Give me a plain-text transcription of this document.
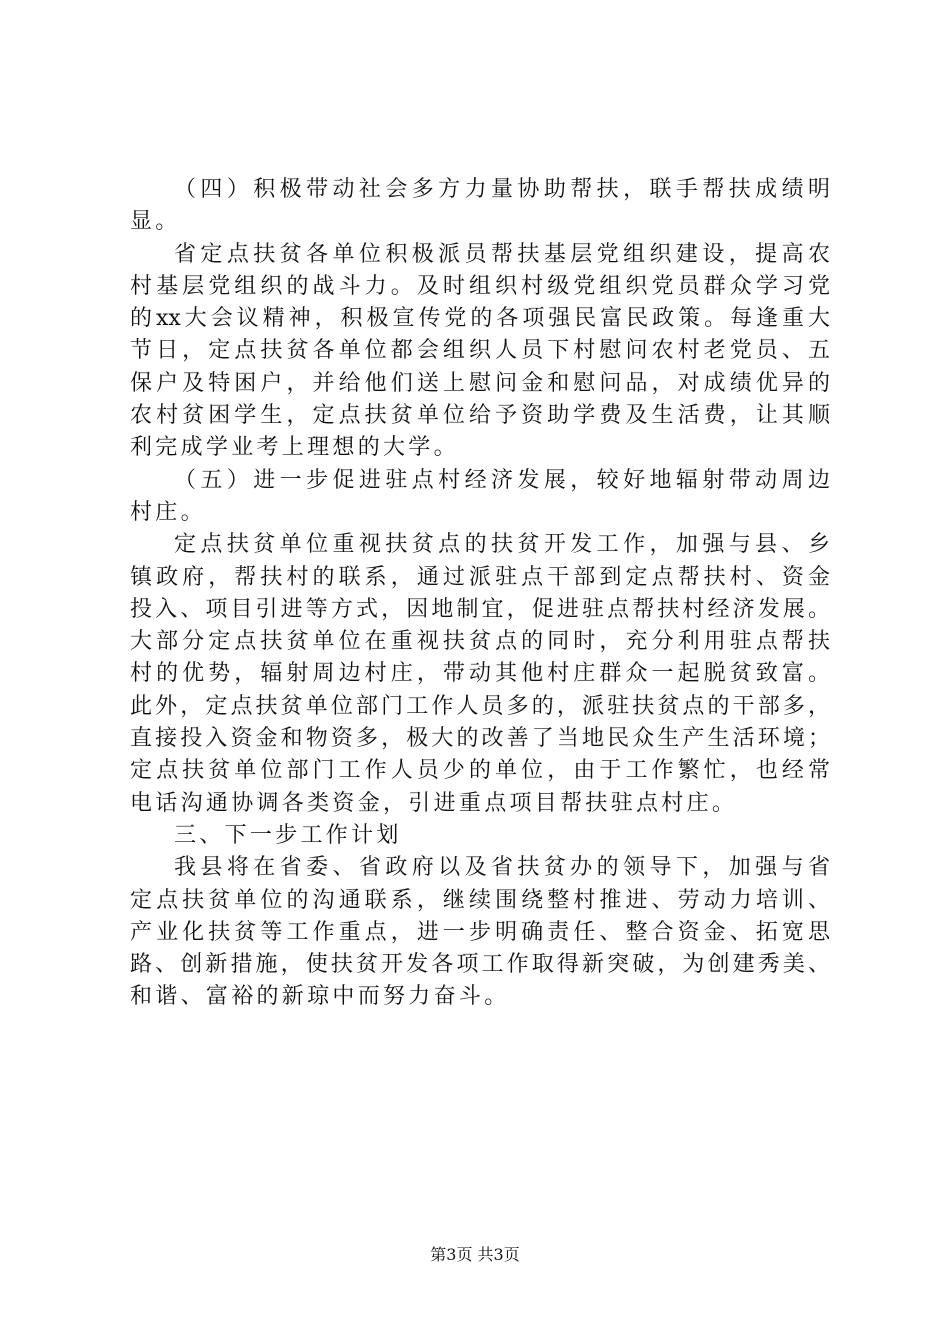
（四）积极带动社会多方力量协助帮扶，联手帮扶成绩明
显。
省定点扶贫各单位积极派员帮扶基层党组织建设，提高农
村基层党组织的战斗力。及时组织村级党组织党员群众学习党
的xx大会议精神，积极宣传党的各项强民富民政策。每逢重大
节日，定点扶贫各单位都会组织人员下村慰问农村老党员、五
保户及特困户，并给他们送上慰问金和慰问品，对成绩优异的
农村贫困学生，定点扶贫单位给予资助学费及生活费，让其顺
利完成学业考上理想的大学。
（五）进一步促进驻点村经济发展，较好地辐射带动周边
村庄。
定点扶贫单位重视扶贫点的扶贫开发工作，加强与县、乡
镇政府，帮扶村的联系，通过派驻点干部到定点帮扶村、资金
投入、项目引进等方式，因地制宜，促进驻点帮扶村经济发展。
大部分定点扶贫单位在重视扶贫点的同时，充分利用驻点帮扶
村的优势，辐射周边村庄，带动其他村庄群众一起脱贫致富。
此外，定点扶贫单位部门工作人员多的，派驻扶贫点的干部多，
直接投入资金和物资多，极大的改善了当地民众生产生活环境；
定点扶贫单位部门工作人员少的单位，由于工作繁忙，也经常
电话沟通协调各类资金，引进重点项目帮扶驻点村庄。
三、下一步工作计划
我县将在省委、省政府以及省扶贫办的领导下，加强与省
定点扶贫单位的沟通联系，继续围绕整村推进、劳动力培训、
产业化扶贫等工作重点，进一步明确责任、整合资金、拓宽思
路、创新措施，使扶贫开发各项工作取得新突破，为创建秀美、
和谐、富裕的新琼中而努力奋斗。
第3页 共3页
